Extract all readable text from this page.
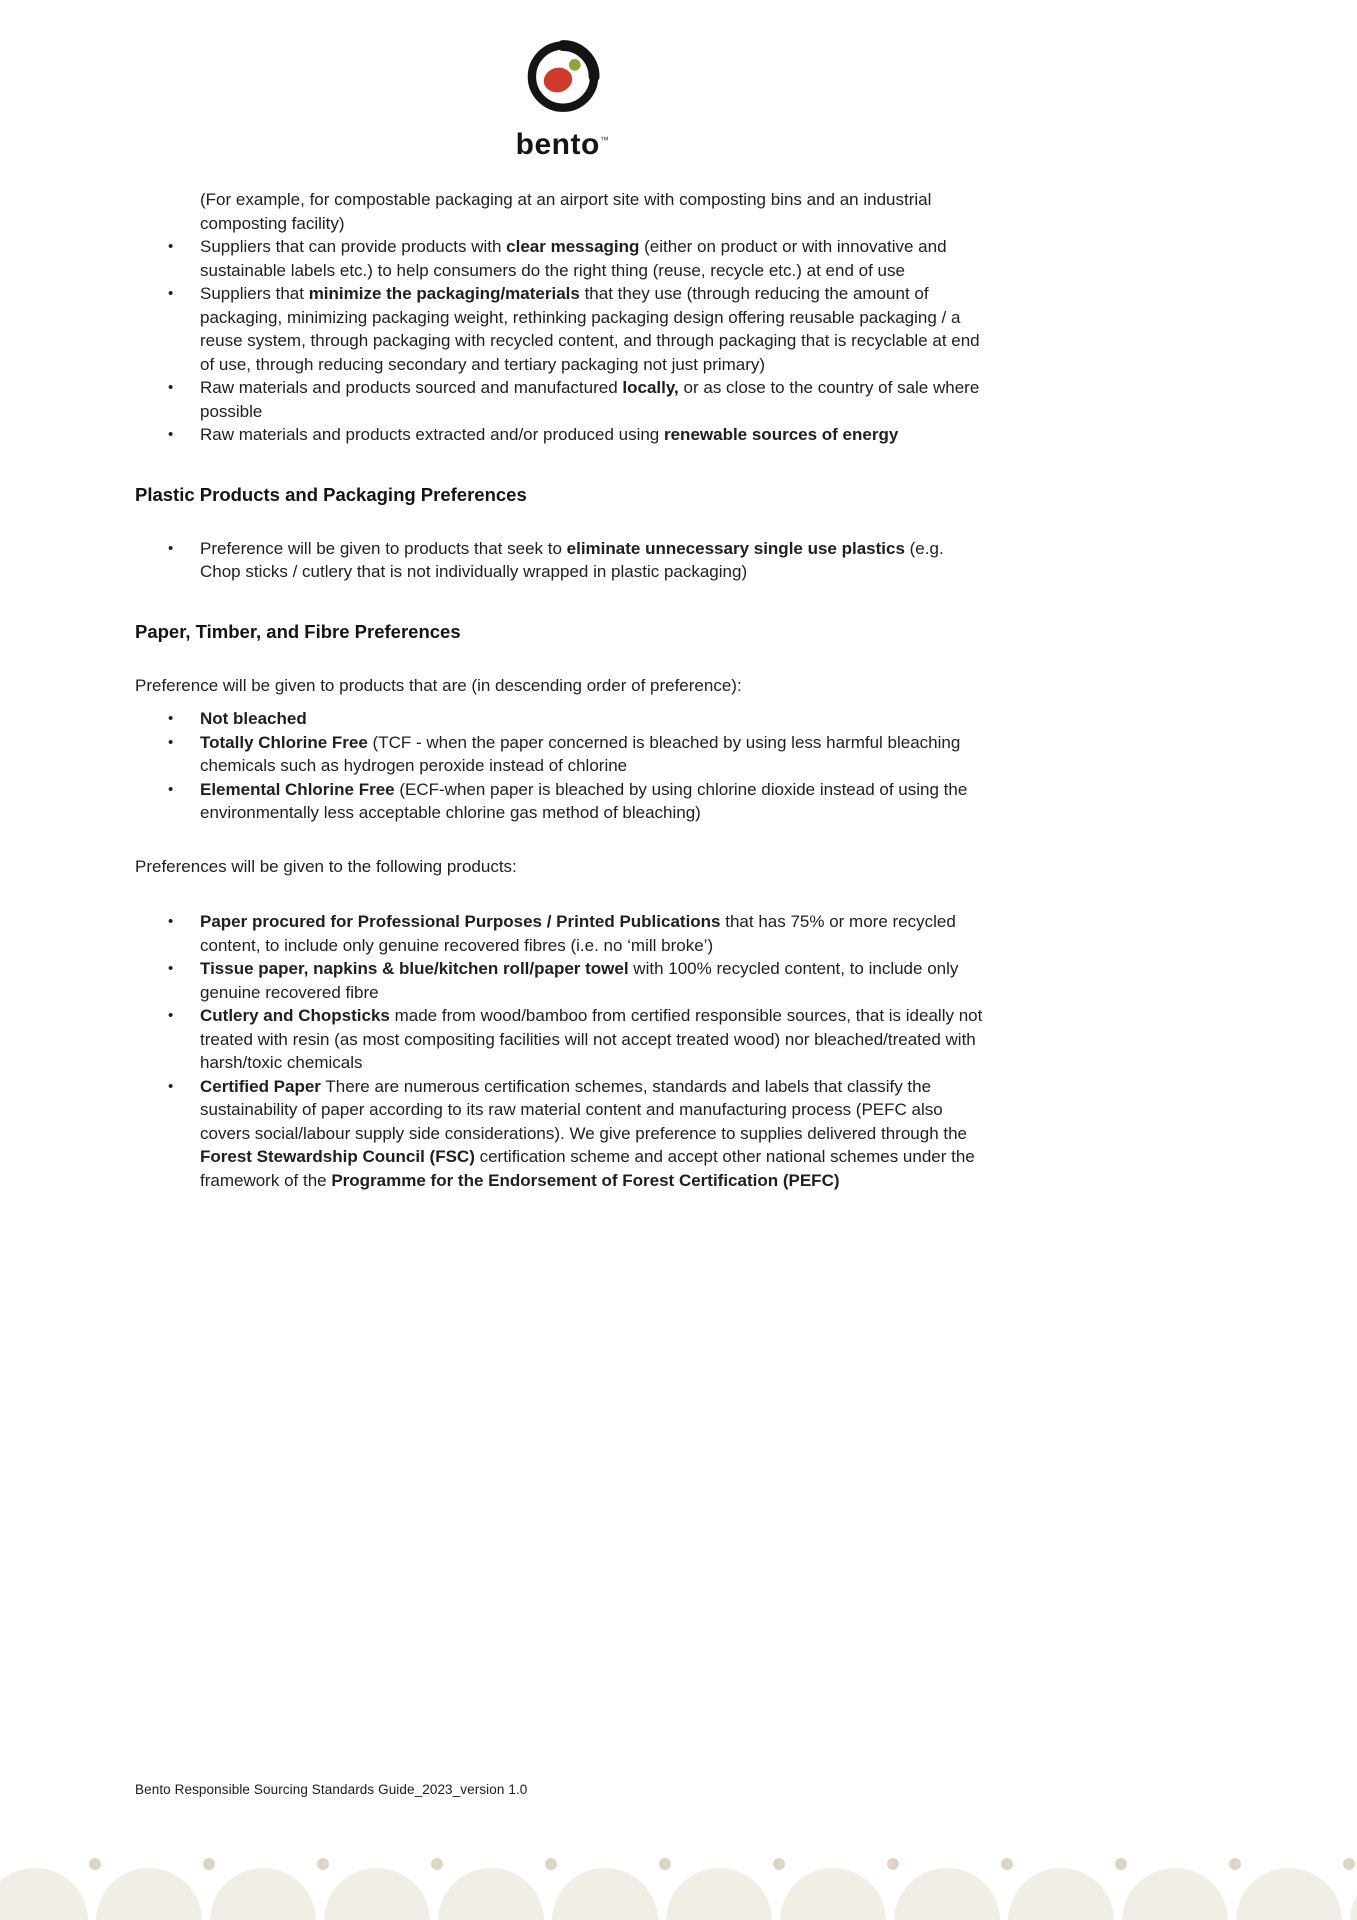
bento™
(For example, for compostable packaging at an airport site with composting bins and an industrial composting facility)
•	Suppliers that can provide products with clear messaging (either on product or with innovative and sustainable labels etc.) to help consumers do the right thing (reuse, recycle etc.) at end of use
•	Suppliers that minimize the packaging/materials that they use (through reducing the amount of packaging, minimizing packaging weight, rethinking packaging design offering reusable packaging / a reuse system, through packaging with recycled content, and through packaging that is recyclable at end of use, through reducing secondary and tertiary packaging not just primary)
•	Raw materials and products sourced and manufactured locally, or as close to the country of sale where possible
•	Raw materials and products extracted and/or produced using renewable sources of energy
Plastic Products and Packaging Preferences
•	Preference will be given to products that seek to eliminate unnecessary single use plastics (e.g. Chop sticks / cutlery that is not individually wrapped in plastic packaging)
Paper, Timber, and Fibre Preferences

Preference will be given to products that are (in descending order of preference):

•	Not bleached
•	Totally Chlorine Free (TCF - when the paper concerned is bleached by using less harmful bleaching chemicals such as hydrogen peroxide instead of chlorine
•	Elemental Chlorine Free (ECF-when paper is bleached by using chlorine dioxide instead of using the environmentally less acceptable chlorine gas method of bleaching)

Preferences will be given to the following products:

•	Paper procured for Professional Purposes / Printed Publications that has 75% or more recycled content, to include only genuine recovered fibres (i.e. no ‘mill broke’)
•	Tissue paper, napkins & blue/kitchen roll/paper towel with 100% recycled content, to include only genuine recovered fibre
•	Cutlery and Chopsticks made from wood/bamboo from certified responsible sources, that is ideally not treated with resin (as most compositing facilities will not accept treated wood) nor bleached/treated with harsh/toxic chemicals
•	Certified Paper There are numerous certification schemes, standards and labels that classify the sustainability of paper according to its raw material content and manufacturing process (PEFC also covers social/labour supply side considerations). We give preference to supplies delivered through the Forest Stewardship Council (FSC) certification scheme and accept other national schemes under the framework of the Programme for the Endorsement of Forest Certification (PEFC)
Bento Responsible Sourcing Standards Guide_2023_version 1.0
